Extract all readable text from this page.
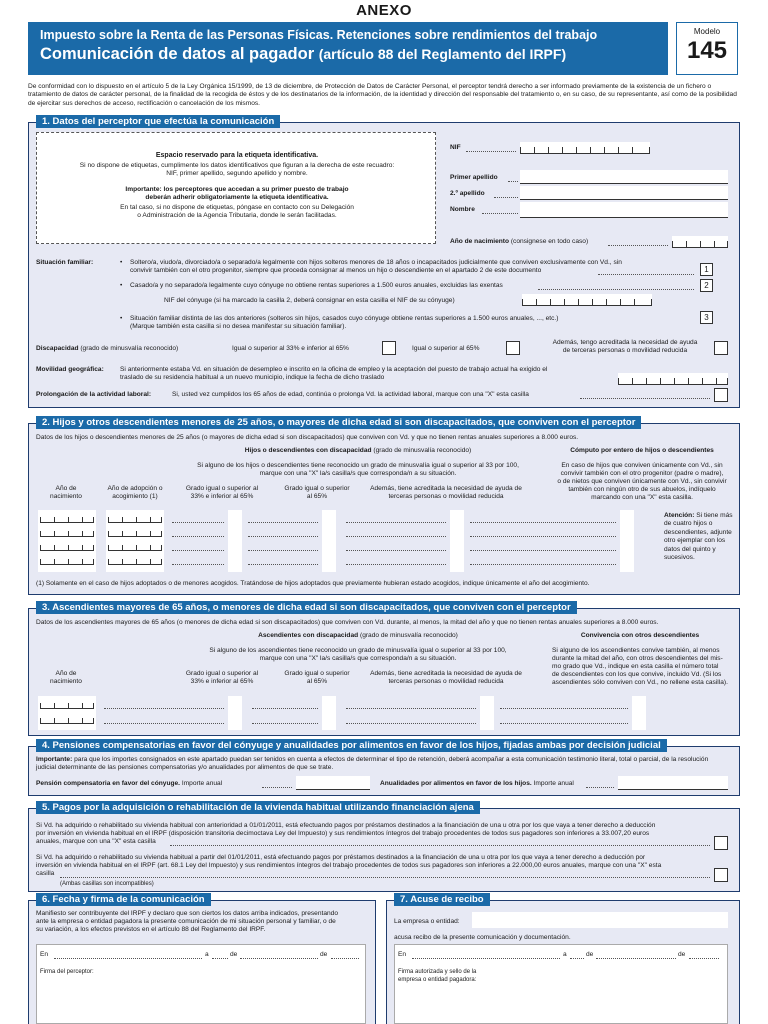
ANEXO
Impuesto sobre la Renta de las Personas Físicas. Retenciones sobre rendimientos del trabajo
Comunicación de datos al pagador (artículo 88 del Reglamento del IRPF)
Modelo
145
De conformidad con lo dispuesto en el artículo 5 de la Ley Orgánica 15/1999, de 13 de diciembre, de Protección de Datos de Carácter Personal, el perceptor tendrá derecho a ser informado previamente de la existencia de un fichero o tratamiento de datos de carácter personal, de la finalidad de la recogida de éstos y de los destinatarios de la información, de la identidad y dirección del responsable del tratamiento o, en su caso, de su representante, así como de la posibilidad de ejercitar sus derechos de acceso, rectificación o cancelación de los mismos.
1. Datos del perceptor que efectúa la comunicación
Espacio reservado para la etiqueta identificativa.
Si no dispone de etiquetas, cumplimente los datos identificativos que figuran a la derecha de este recuadro:
NIF, primer apellido, segundo apellido y nombre.
Importante: los perceptores que accedan a su primer puesto de trabajo
deberán adherir obligatoriamente la etiqueta identificativa.
En tal caso, si no dispone de etiquetas, póngase en contacto con su Delegación
o Administración de la Agencia Tributaria, donde le serán facilitadas.
NIF
Primer apellido
2.º apellido
Nombre
Año de nacimiento (consignese en todo caso)
Situación familiar:	• Soltero/a, viudo/a, divorciado/a o separado/a legalmente con hijos solteros menores de 18 años o incapacitados judicialmente que conviven exclusivamente con Vd., sin
convivir también con el otro progenitor, siempre que proceda consignar al menos un hijo o descendiente en el apartado 2 de este documento	1
• Casado/a y no separado/a legalmente cuyo cónyuge no obtiene rentas superiores a 1.500 euros anuales, excluidas las exentas	2
NIF del cónyuge (si ha marcado la casilla 2, deberá consignar en esta casilla el NIF de su cónyuge)
• Situación familiar distinta de las dos anteriores (solteros sin hijos, casados cuyo cónyuge obtiene rentas superiores a 1.500 euros anuales, ..., etc.)
(Marque también esta casilla si no desea manifestar su situación familiar).
3
Discapacidad (grado de minusvalía reconocido)	Igual o superior al 33% e inferior al 65%	Igual o superior al 65%
Además, tengo acreditada la necesidad de ayuda
de terceras personas o movilidad reducida
Movilidad geográfica: Si anteriormente estaba Vd. en situación de desempleo e inscrito en la oficina de empleo y la aceptación del puesto de trabajo actual ha exigido el
traslado de su residencia habitual a un nuevo municipio, indique la fecha de dicho traslado
Prolongación de la actividad laboral:	Si, usted vez cumplidos los 65 años de edad, continúa o prolonga Vd. la actividad laboral, marque con una "X" esta casilla
2. Hijos y otros descendientes menores de 25 años, o mayores de dicha edad si son discapacitados, que conviven con el perceptor
Datos de los hijos o descendientes menores de 25 años (o mayores de dicha edad si son discapacitados) que conviven con Vd. y que no tienen rentas anuales superiores a 8.000 euros.
Hijos o descendientes con discapacidad (grado de minusvalía reconocido)
Si alguno de los hijos o descendientes tiene reconocido un grado de minusvalía igual o superior al 33 por 100,
marque con una "X" la/s casilla/s que corresponda/n a su situación.
Cómputo por entero de hijos o descendientes
En caso de hijos que conviven únicamente con Vd., sin
convivir también con el otro progenitor (padre o madre),
o de nietos que conviven únicamente con Vd., sin convivir
también con ningún otro de sus abuelos, indíquelo
marcando con una "X" esta casilla.
Año de
nacimiento
Año de adopción o
acogimiento (1)
Grado igual o superior al
33% e inferior al 65%
Grado igual o superior
al 65%
Además, tiene acreditada la necesidad de ayuda de
terceras personas o movilidad reducida
Atención: Si tiene más de cuatro hijos o descendientes, adjunte otro ejemplar con los datos del quinto y sucesivos.
(1) Solamente en el caso de hijos adoptados o de menores acogidos. Tratándose de hijos adoptados que previamente hubieran estado acogidos, indique únicamente el año del acogimiento.
3. Ascendientes mayores de 65 años, o menores de dicha edad si son discapacitados, que conviven con el perceptor
Datos de los ascendientes mayores de 65 años (o menores de dicha edad si son discapacitados) que conviven con Vd. durante, al menos, la mitad del año y que no tienen rentas anuales superiores a 8.000 euros.
Ascendientes con discapacidad (grado de minusvalía reconocido)
Si alguno de los ascendientes tiene reconocido un grado de minusvalía igual o superior al 33 por 100,
marque con una "X" la/s casilla/s que corresponda/n a su situación.
Convivencia con otros descendientes
Si alguno de los ascendientes convive también, al menos
durante la mitad del año, con otros descendientes del mis-
mo grado que Vd., indique en esta casilla el número total
de descendientes con los que convive, incluido Vd. (Si los
ascendientes sólo conviven con Vd., no rellene esta casilla).
Año de
nacimiento
Grado igual o superior al
33% e inferior al 65%
Grado igual o superior
al 65%
Además, tiene acreditada la necesidad de ayuda de
terceras personas o movilidad reducida
4. Pensiones compensatorias en favor del cónyuge y anualidades por alimentos en favor de los hijos, fijadas ambas por decisión judicial
Importante: para que los importes consignados en este apartado puedan ser tenidos en cuenta a efectos de determinar el tipo de retención, deberá acompañar a esta comunicación testimonio literal, total o parcial, de la resolución
judicial determinante de las pensiones compensatorias y/o anualidades por alimentos de que se trate.
Pensión compensatoria en favor del cónyuge. Importe anual	Anualidades por alimentos en favor de los hijos. Importe anual
5. Pagos por la adquisición o rehabilitación de la vivienda habitual utilizando financiación ajena
Si Vd. ha adquirido o rehabilitado su vivienda habitual con anterioridad a 01/01/2011, está efectuando pagos por préstamos destinados a la financiación de una u otra por los que vaya a tener derecho a deducción
por inversión en vivienda habitual en el IRPF (disposición transitoria decimoctava Ley del Impuesto) y sus rendimientos íntegros del trabajo procedentes de todos sus pagadores son inferiores a 33.007,20 euros
anuales, marque con una "X" esta casilla
Si Vd. ha adquirido o rehabilitado su vivienda habitual a partir del 01/01/2011, está efectuando pagos por préstamos destinados a la financiación de una u otra por los que vaya a tener derecho a deducción por
inversión en vivienda habitual en el IRPF (art. 68.1 Ley del Impuesto) y sus rendimientos íntegros del trabajo procedentes de todos sus pagadores son inferiores a 22.000,00 euros anuales, marque con una "X" esta
casilla
(Ambas casillas son incompatibles)
6. Fecha y firma de la comunicación
Manifiesto ser contribuyente del IRPF y declaro que son ciertos los datos arriba indicados, presentando
ante la empresa o entidad pagadora la presente comunicación de mi situación personal y familiar, o de
su variación, a los efectos previstos en el artículo 88 del Reglamento del IRPF.
En	a	de	de
Firma del perceptor:
7. Acuse de recibo
La empresa o entidad:
acusa recibo de la presente comunicación y documentación.
En	a	de	de
Firma autorizada y sello de la
empresa o entidad pagadora:
